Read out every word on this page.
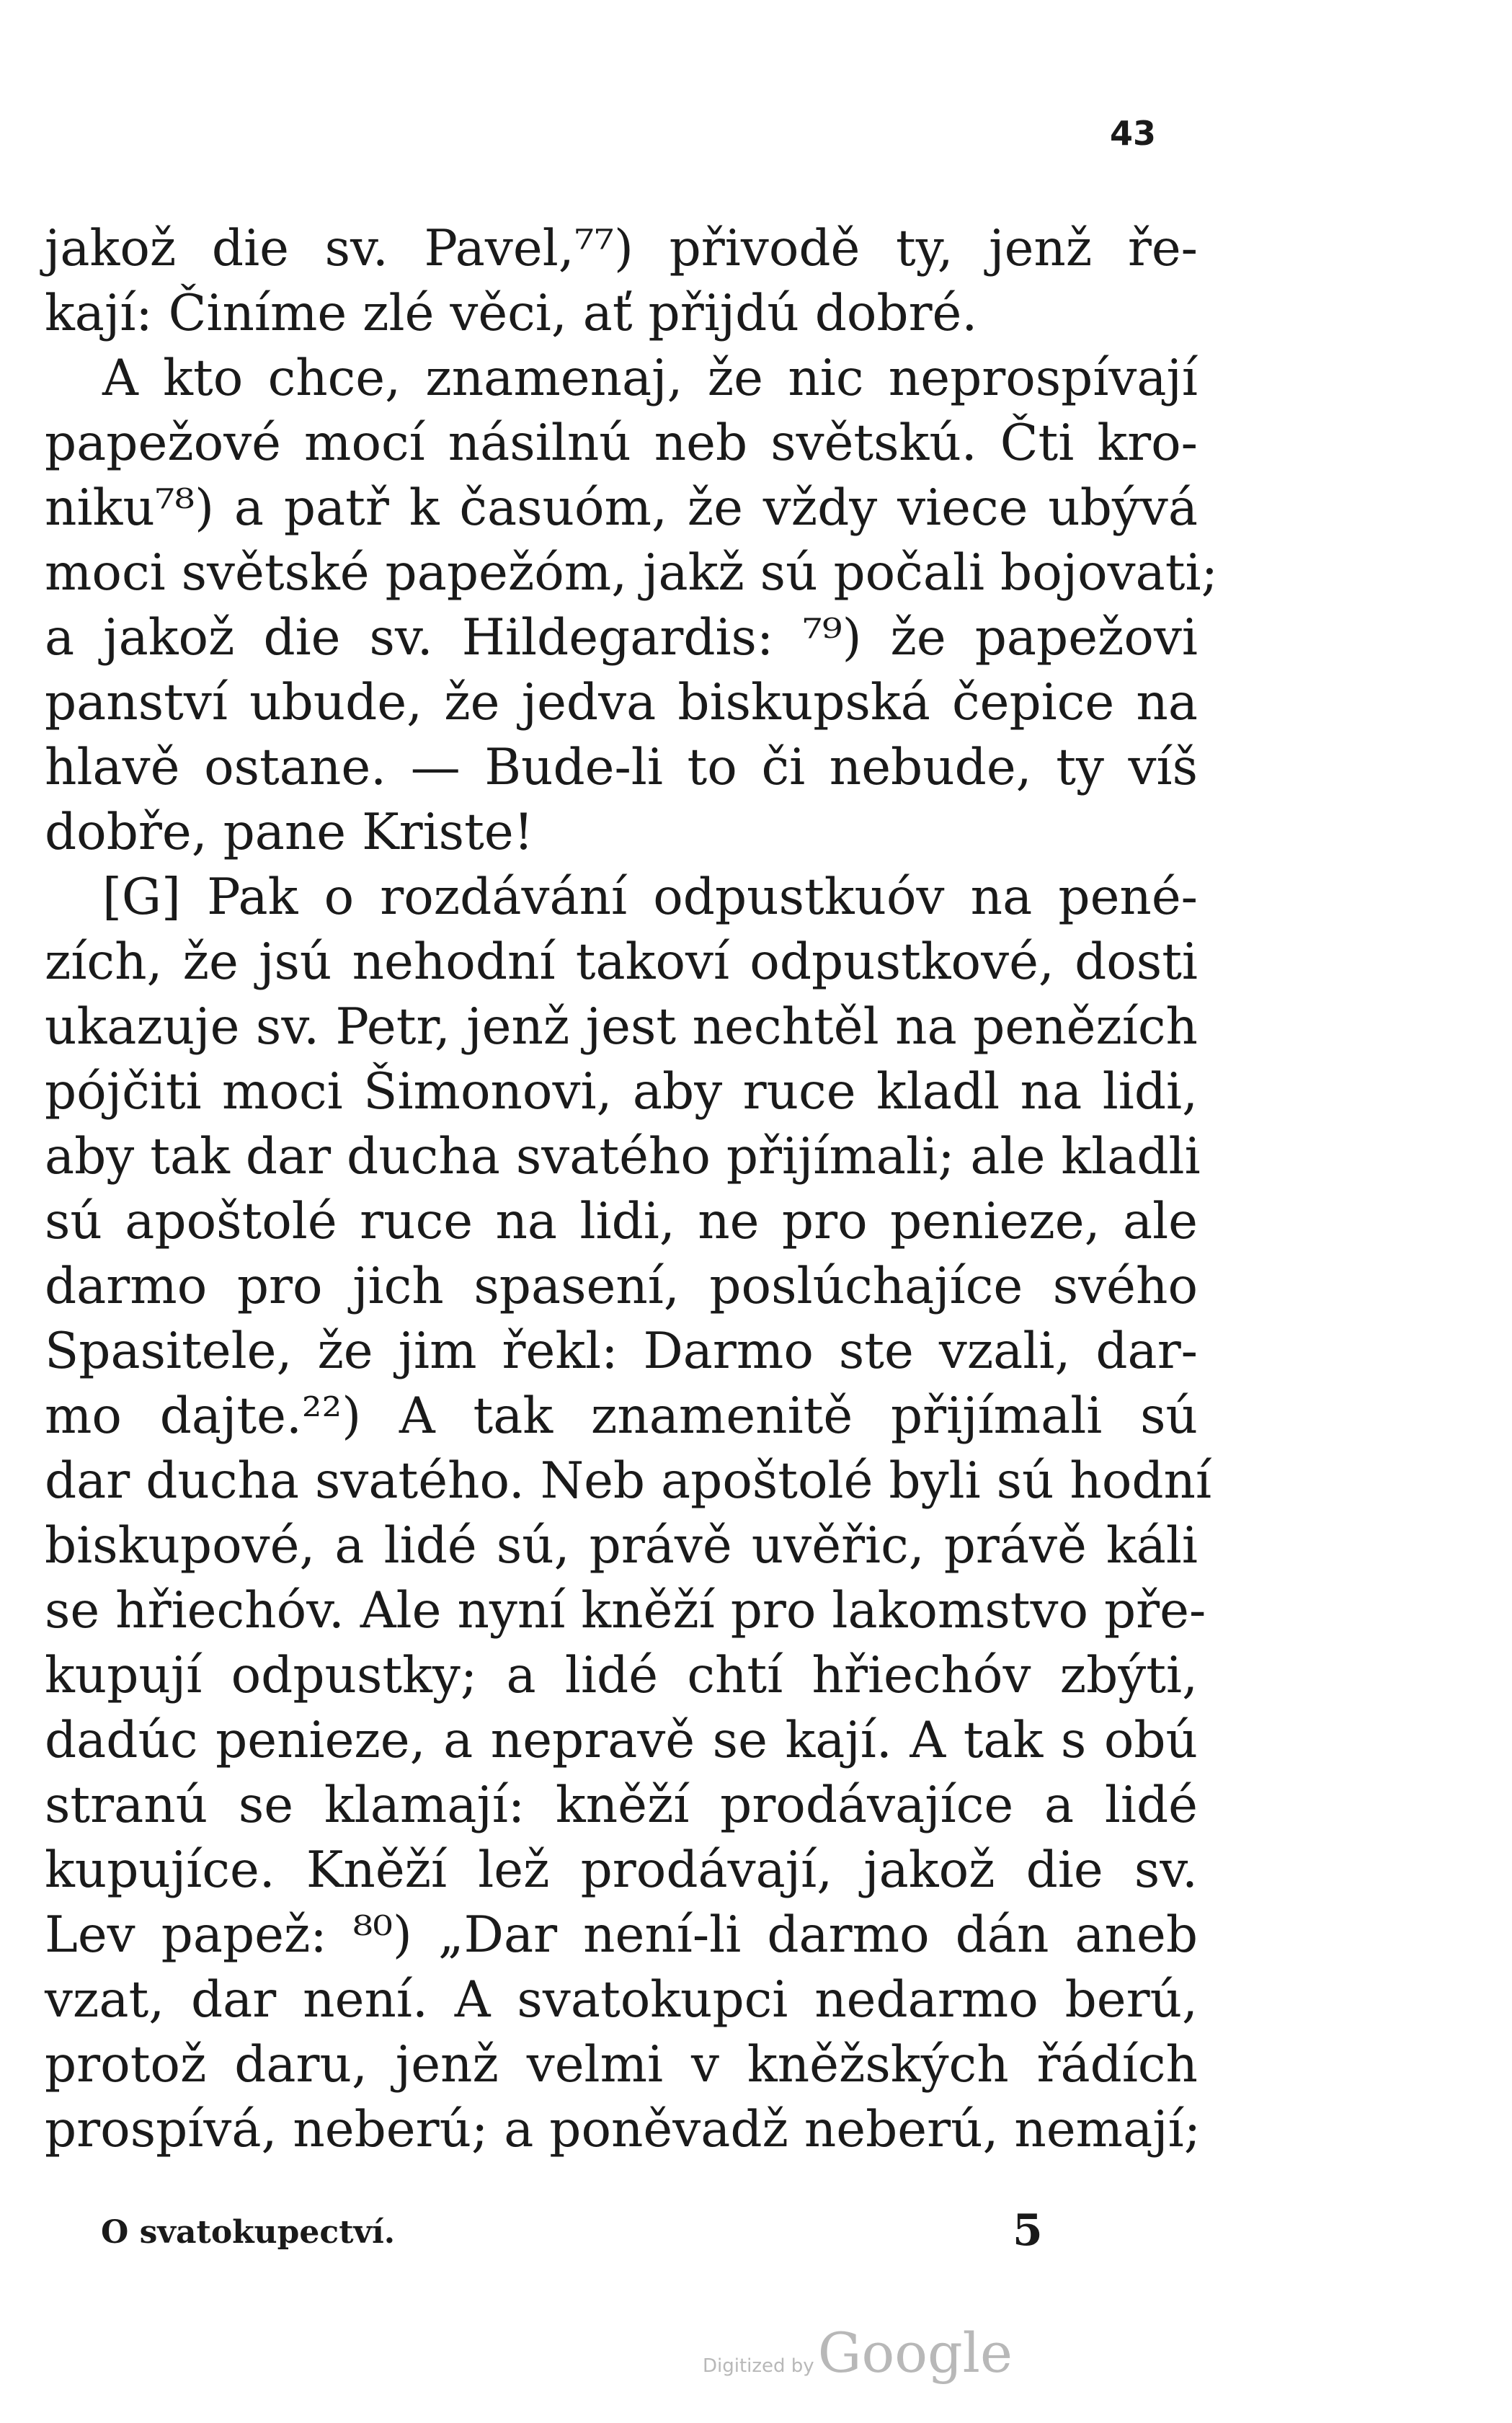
43
jakož die sv. Pavel,⁷⁷) přivodě ty, jenž ře-
kají: Činíme zlé věci, ať přijdú dobré.
A kto chce, znamenaj, že nic neprospívají
papežové mocí násilnú neb světskú. Čti kro-
niku⁷⁸) a patř k časuóm, že vždy viece ubývá
moci světské papežóm, jakž sú počali bojovati;
a jakož die sv. Hildegardis: ⁷⁹) že papežovi
panství ubude, že jedva biskupská čepice na
hlavě ostane. — Bude-li to či nebude, ty víš
dobře, pane Kriste!
[G] Pak o rozdávání odpustkuóv na pené-
zích, že jsú nehodní takoví odpustkové, dosti
ukazuje sv. Petr, jenž jest nechtěl na penězích
pójčiti moci Šimonovi, aby ruce kladl na lidi,
aby tak dar ducha svatého přijímali; ale kladli
sú apoštolé ruce na lidi, ne pro penieze, ale
darmo pro jich spasení, poslúchajíce svého
Spasitele, že jim řekl: Darmo ste vzali, dar-
mo dajte.²²) A tak znamenitě přijímali sú
dar ducha svatého. Neb apoštolé byli sú hodní
biskupové, a lidé sú, právě uvěřic, právě káli
se hřiechóv. Ale nyní kněží pro lakomstvo pře-
kupují odpustky; a lidé chtí hřiechóv zbýti,
dadúc penieze, a nepravě se kají. A tak s obú
stranú se klamají: kněží prodávajíce a lidé
kupujíce. Kněží lež prodávají, jakož die sv.
Lev papež: ⁸⁰) „Dar není-li darmo dán aneb
vzat, dar není. A svatokupci nedarmo berú,
protož daru, jenž velmi v kněžských řádích
prospívá, neberú; a poněvadž neberú, nemají;
O svatokupectví.	5
Digitized by Google
